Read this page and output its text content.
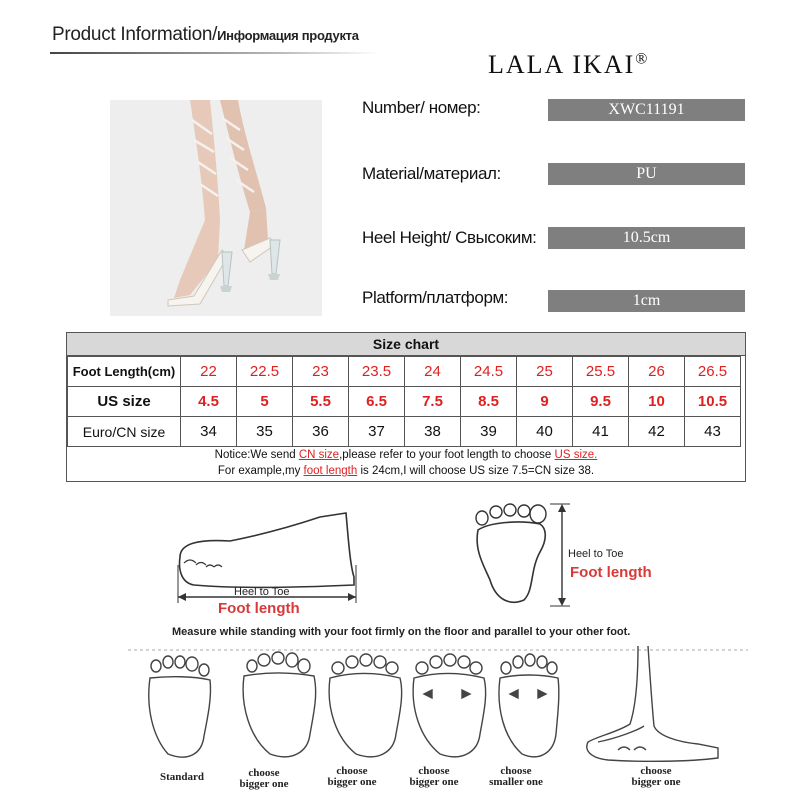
Product Information/Информация продукта
LALA IKAI®
Number/ номер:	XWC11191
Material/материал:	PU
Heel Height/ Свысоким:	10.5cm
Platform/платформ:	1cm
Size chart
Foot Length(cm)	22	22.5	23	23.5	24	24.5	25	25.5	26	26.5
US size	4.5	5	5.5	6.5	7.5	8.5	9	9.5	10	10.5
Euro/CN size	34	35	36	37	38	39	40	41	42	43
Notice:We send CN size,please refer to your foot length to choose US size.
For example,my foot length is 24cm,I will choose US size 7.5=CN size 38.
Heel to Toe
Foot length
Heel to Toe
Foot length
Measure while standing with your foot firmly on the floor and parallel to your other foot.
Standard	choose
bigger one
choose
bigger one
choose
bigger one
choose
smaller one
choose
bigger one
